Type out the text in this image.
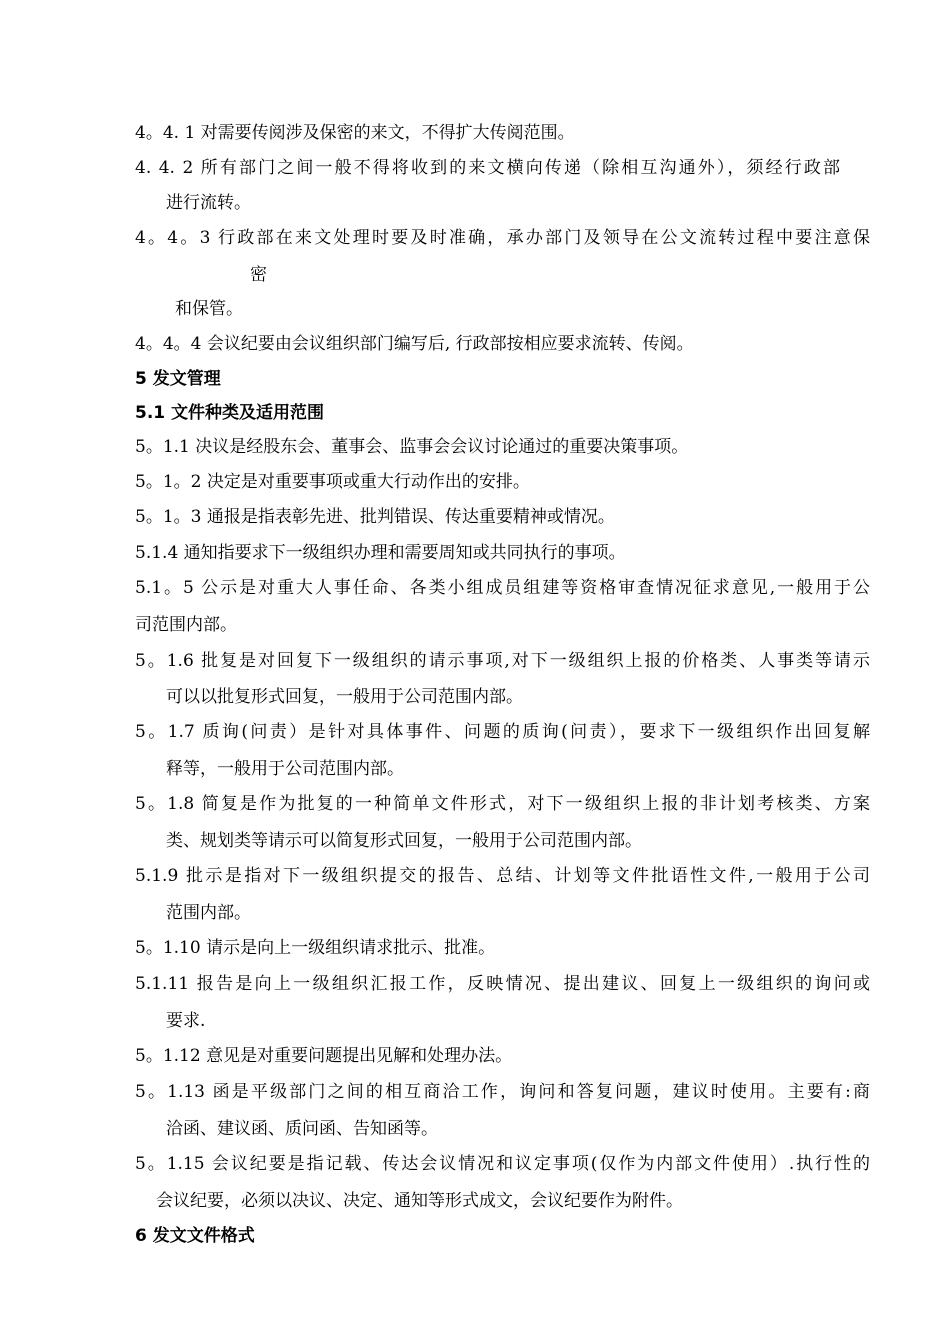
4。4. 1 对需要传阅涉及保密的来文，不得扩大传阅范围。
4. 4. 2 所有部门之间一般不得将收到的来文横向传递（除相互沟通外），须经行政部
进行流转。
4。4。3 行政部在来文处理时要及时准确，承办部门及领导在公文流转过程中要注意保
密
和保管。
4。4。4 会议纪要由会议组织部门编写后, 行政部按相应要求流转、传阅。
5 发文管理
5.1 文件种类及适用范围
5。1.1 决议是经股东会、董事会、监事会会议讨论通过的重要决策事项。
5。1。2 决定是对重要事项或重大行动作出的安排。
5。1。3 通报是指表彰先进、批判错误、传达重要精神或情况。
5.1.4 通知指要求下一级组织办理和需要周知或共同执行的事项。
5.1。5 公示是对重大人事任命、各类小组成员组建等资格审查情况征求意见,一般用于公
司范围内部。
5。1.6 批复是对回复下一级组织的请示事项,对下一级组织上报的价格类、人事类等请示
可以以批复形式回复，一般用于公司范围内部。
5。1.7 质询(问责）是针对具体事件、问题的质询(问责），要求下一级组织作出回复解
释等，一般用于公司范围内部。
5。1.8 简复是作为批复的一种简单文件形式，对下一级组织上报的非计划考核类、方案
类、规划类等请示可以简复形式回复，一般用于公司范围内部。
5.1.9 批示是指对下一级组织提交的报告、总结、计划等文件批语性文件,一般用于公司
范围内部。
5。1.10 请示是向上一级组织请求批示、批准。
5.1.11 报告是向上一级组织汇报工作，反映情况、提出建议、回复上一级组织的询问或
要求.
5。1.12 意见是对重要问题提出见解和处理办法。
5。1.13 函是平级部门之间的相互商洽工作，询问和答复问题，建议时使用。主要有:商
洽函、建议函、质问函、告知函等。
5。1.15 会议纪要是指记载、传达会议情况和议定事项(仅作为内部文件使用）.执行性的
会议纪要，必须以决议、决定、通知等形式成文，会议纪要作为附件。
6 发文文件格式
